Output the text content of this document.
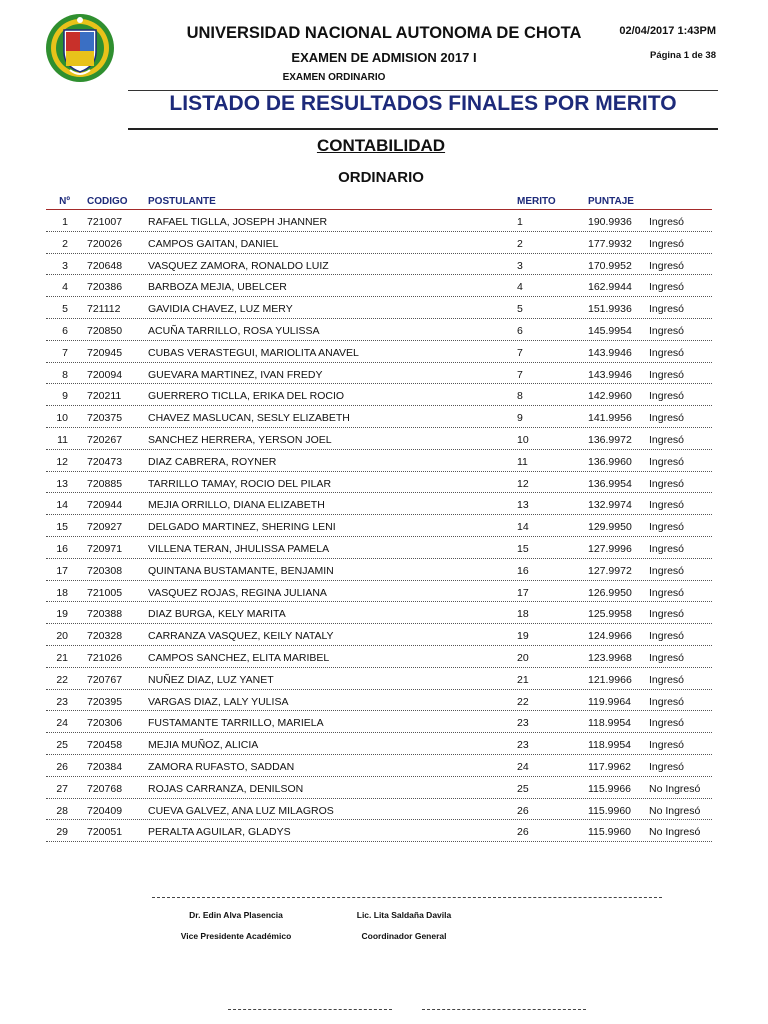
UNIVERSIDAD NACIONAL AUTONOMA DE CHOTA
EXAMEN DE ADMISION 2017 I
EXAMEN ORDINARIO
02/04/2017 1:43PM
Página 1 de 38
LISTADO DE RESULTADOS FINALES POR MERITO
CONTABILIDAD
ORDINARIO
Nº CODIGO POSTULANTE	MERITO	PUNTAJE
1 721007 RAFAEL TIGLLA, JOSEPH JHANNER	1	190.9936 Ingresó
2 720026 CAMPOS GAITAN, DANIEL	2	177.9932 Ingresó
3 720648 VASQUEZ ZAMORA, RONALDO LUIZ	3	170.9952 Ingresó
4 720386 BARBOZA MEJIA, UBELCER	4	162.9944 Ingresó
5 721112	GAVIDIA CHAVEZ, LUZ MERY	5	151.9936 Ingresó
6 720850 ACUÑA TARRILLO, ROSA YULISSA	6	145.9954 Ingresó
7 720945 CUBAS VERASTEGUI, MARIOLITA ANAVEL	7	143.9946 Ingresó
8 720094 GUEVARA MARTINEZ, IVAN FREDY	7	143.9946 Ingresó
9 720211	GUERRERO TICLLA, ERIKA DEL ROCIO	8	142.9960 Ingresó
10 720375 CHAVEZ MASLUCAN, SESLY ELIZABETH	9	141.9956 Ingresó
11 720267 SANCHEZ HERRERA, YERSON JOEL	10	136.9972 Ingresó
12 720473 DIAZ CABRERA, ROYNER	11	136.9960 Ingresó
13 720885 TARRILLO TAMAY, ROCIO DEL PILAR	12	136.9954 Ingresó
14 720944 MEJIA ORRILLO, DIANA ELIZABETH	13	132.9974 Ingresó
15 720927 DELGADO MARTINEZ, SHERING LENI	14	129.9950 Ingresó
16 720971 VILLENA TERAN, JHULISSA PAMELA	15	127.9996 Ingresó
17 720308 QUINTANA BUSTAMANTE, BENJAMIN	16	127.9972 Ingresó
18 721005 VASQUEZ ROJAS, REGINA JULIANA	17	126.9950 Ingresó
19 720388 DIAZ BURGA, KELY MARITA	18	125.9958 Ingresó
20 720328 CARRANZA VASQUEZ, KEILY NATALY	19	124.9966 Ingresó
21 721026 CAMPOS SANCHEZ, ELITA MARIBEL	20	123.9968 Ingresó
22 720767 NUÑEZ DIAZ, LUZ YANET	21	121.9966 Ingresó
23 720395 VARGAS DIAZ, LALY YULISA	22	119.9964 Ingresó
24 720306 FUSTAMANTE TARRILLO, MARIELA	23	118.9954 Ingresó
25 720458 MEJIA MUÑOZ, ALICIA	23	118.9954 Ingresó
26 720384 ZAMORA RUFASTO, SADDAN	24	117.9962 Ingresó
27 720768 ROJAS CARRANZA, DENILSON	25	115.9966 No Ingresó
28 720409 CUEVA GALVEZ, ANA LUZ MILAGROS	26	115.9960 No Ingresó
29 720051 PERALTA AGUILAR, GLADYS	26	115.9960 No Ingresó
Dr. Edin Alva Plasencia	Lic. Lita Saldaña Davila
Vice Presidente Académico	Coordinador General
